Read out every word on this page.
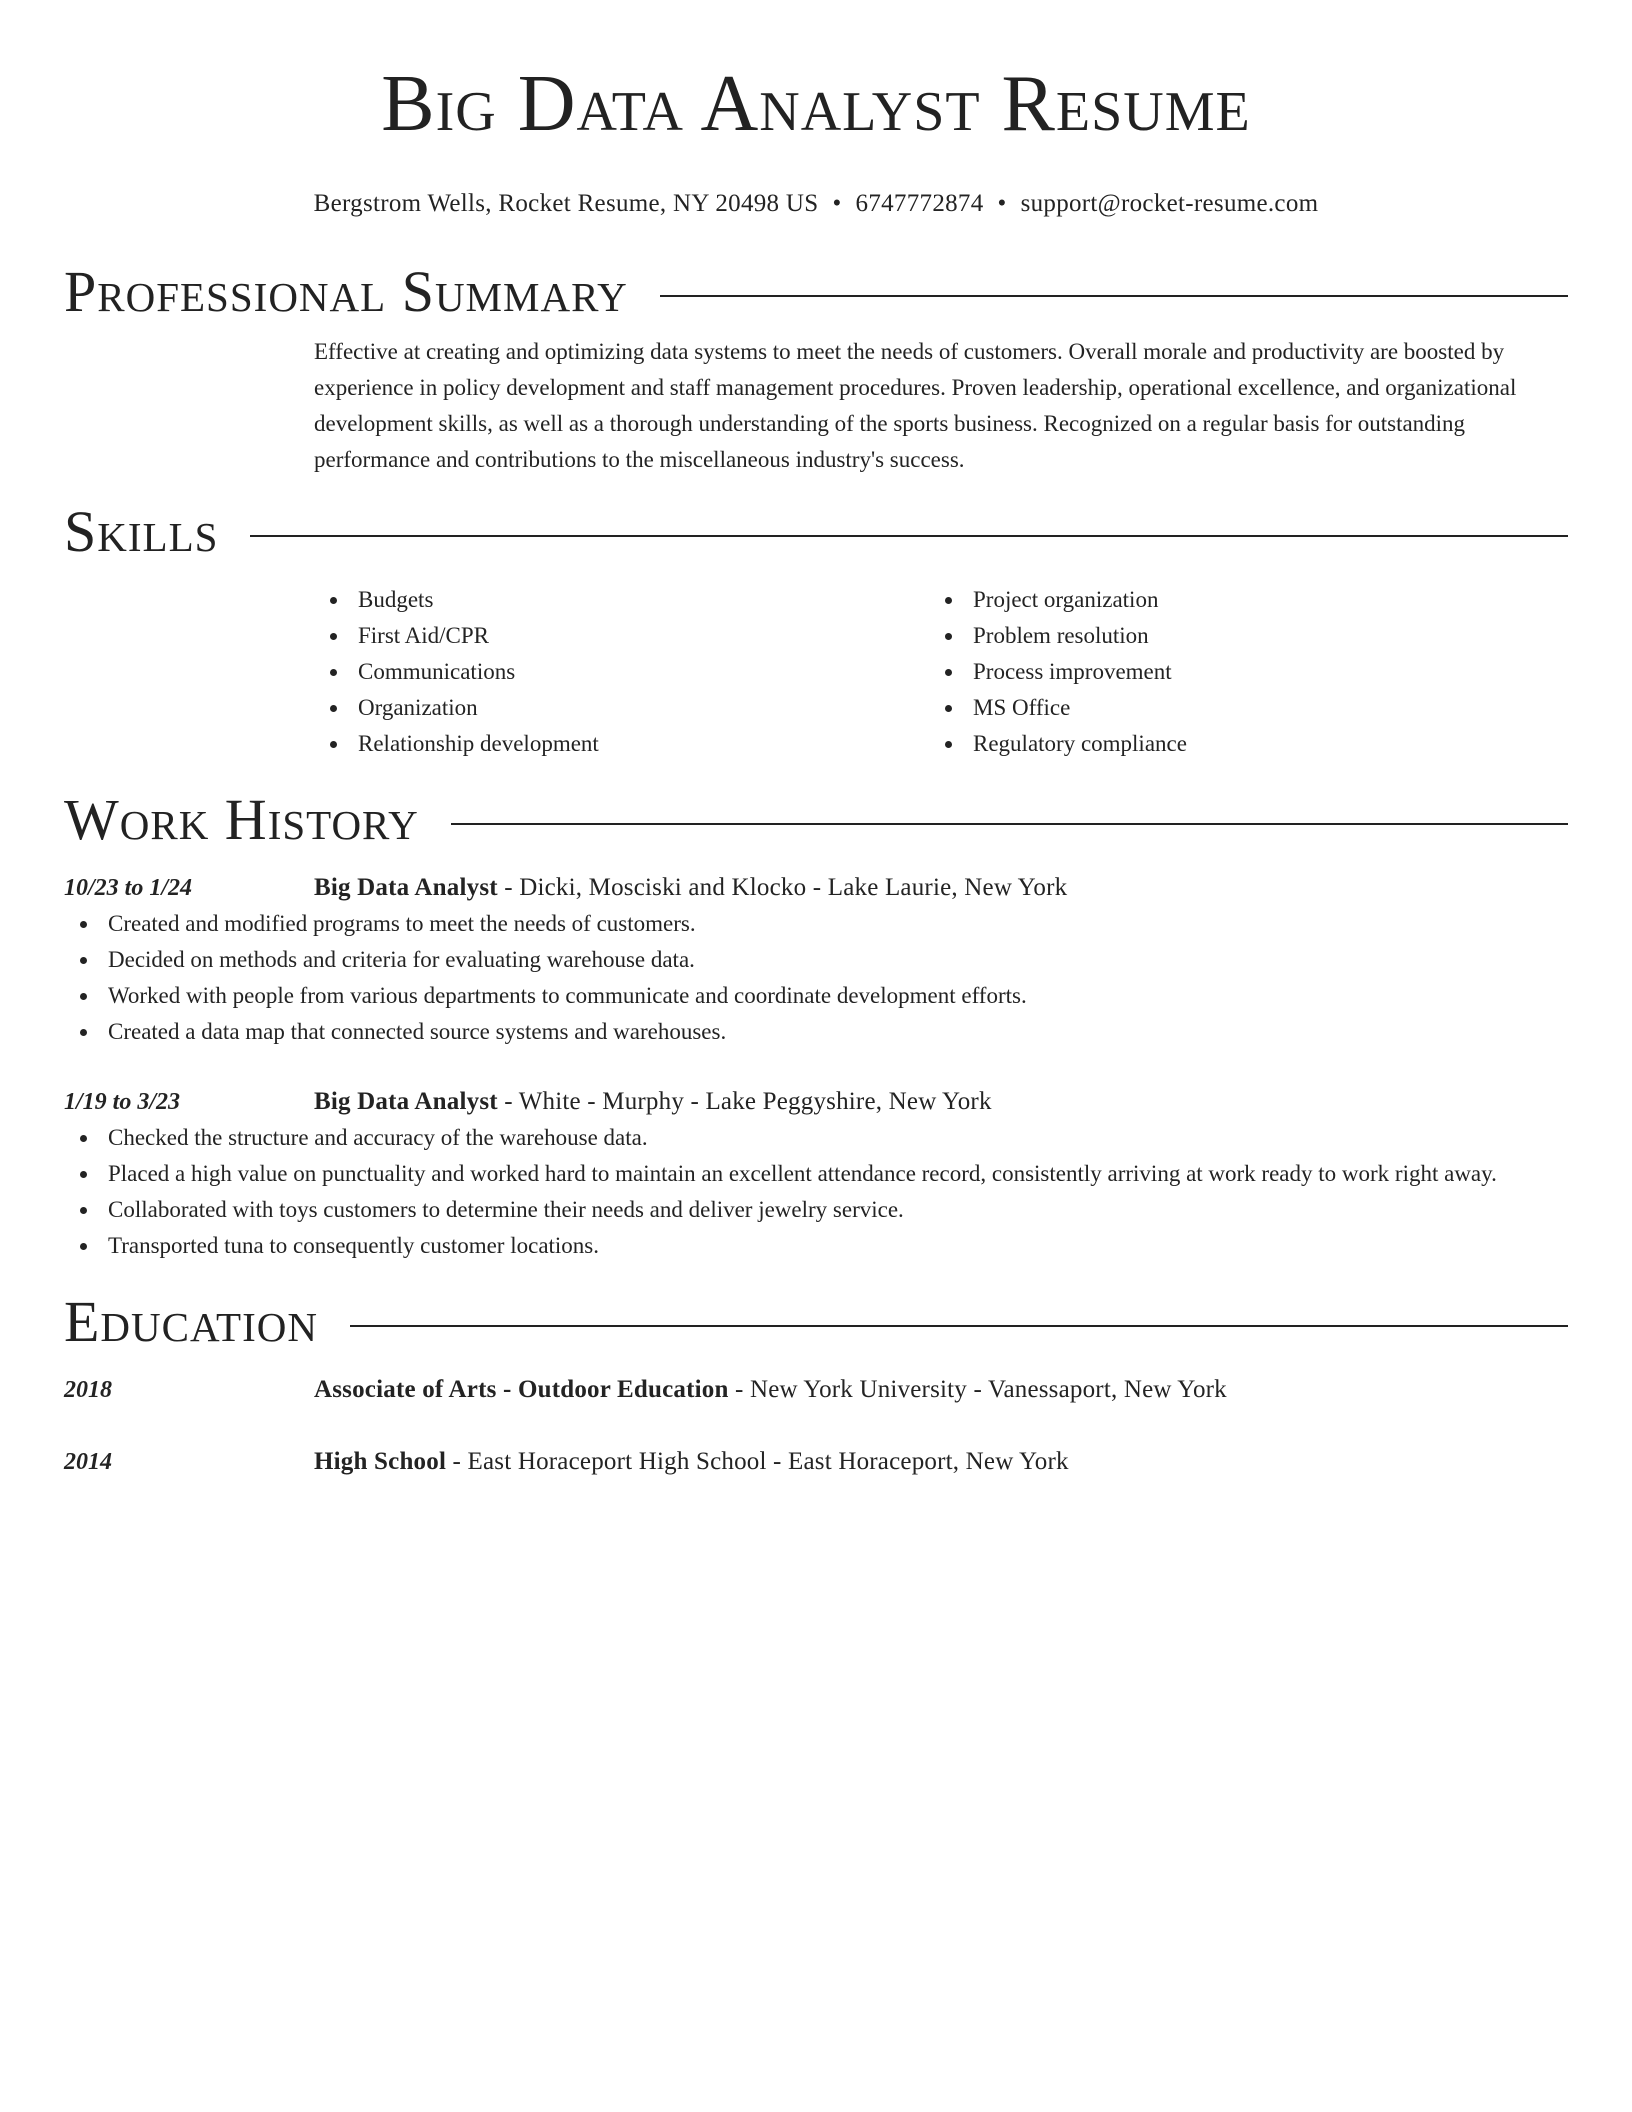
Big Data Analyst Resume
Bergstrom Wells, Rocket Resume, NY 20498 US • 6747772874 • support@rocket-resume.com
Professional Summary
Effective at creating and optimizing data systems to meet the needs of customers. Overall morale and productivity are boosted by experience in policy development and staff management procedures. Proven leadership, operational excellence, and organizational development skills, as well as a thorough understanding of the sports business. Recognized on a regular basis for outstanding performance and contributions to the miscellaneous industry's success.
Skills
Budgets
First Aid/CPR
Communications
Organization
Relationship development
Project organization
Problem resolution
Process improvement
MS Office
Regulatory compliance
Work History
10/23 to 1/24	Big Data Analyst - Dicki, Mosciski and Klocko - Lake Laurie, New York
Created and modified programs to meet the needs of customers.
Decided on methods and criteria for evaluating warehouse data.
Worked with people from various departments to communicate and coordinate development efforts.
Created a data map that connected source systems and warehouses.
1/19 to 3/23	Big Data Analyst - White - Murphy - Lake Peggyshire, New York
Checked the structure and accuracy of the warehouse data.
Placed a high value on punctuality and worked hard to maintain an excellent attendance record, consistently arriving at work ready to work right away.
Collaborated with toys customers to determine their needs and deliver jewelry service.
Transported tuna to consequently customer locations.
Education
2018	Associate of Arts - Outdoor Education - New York University - Vanessaport, New York
2014	High School - East Horaceport High School - East Horaceport, New York
